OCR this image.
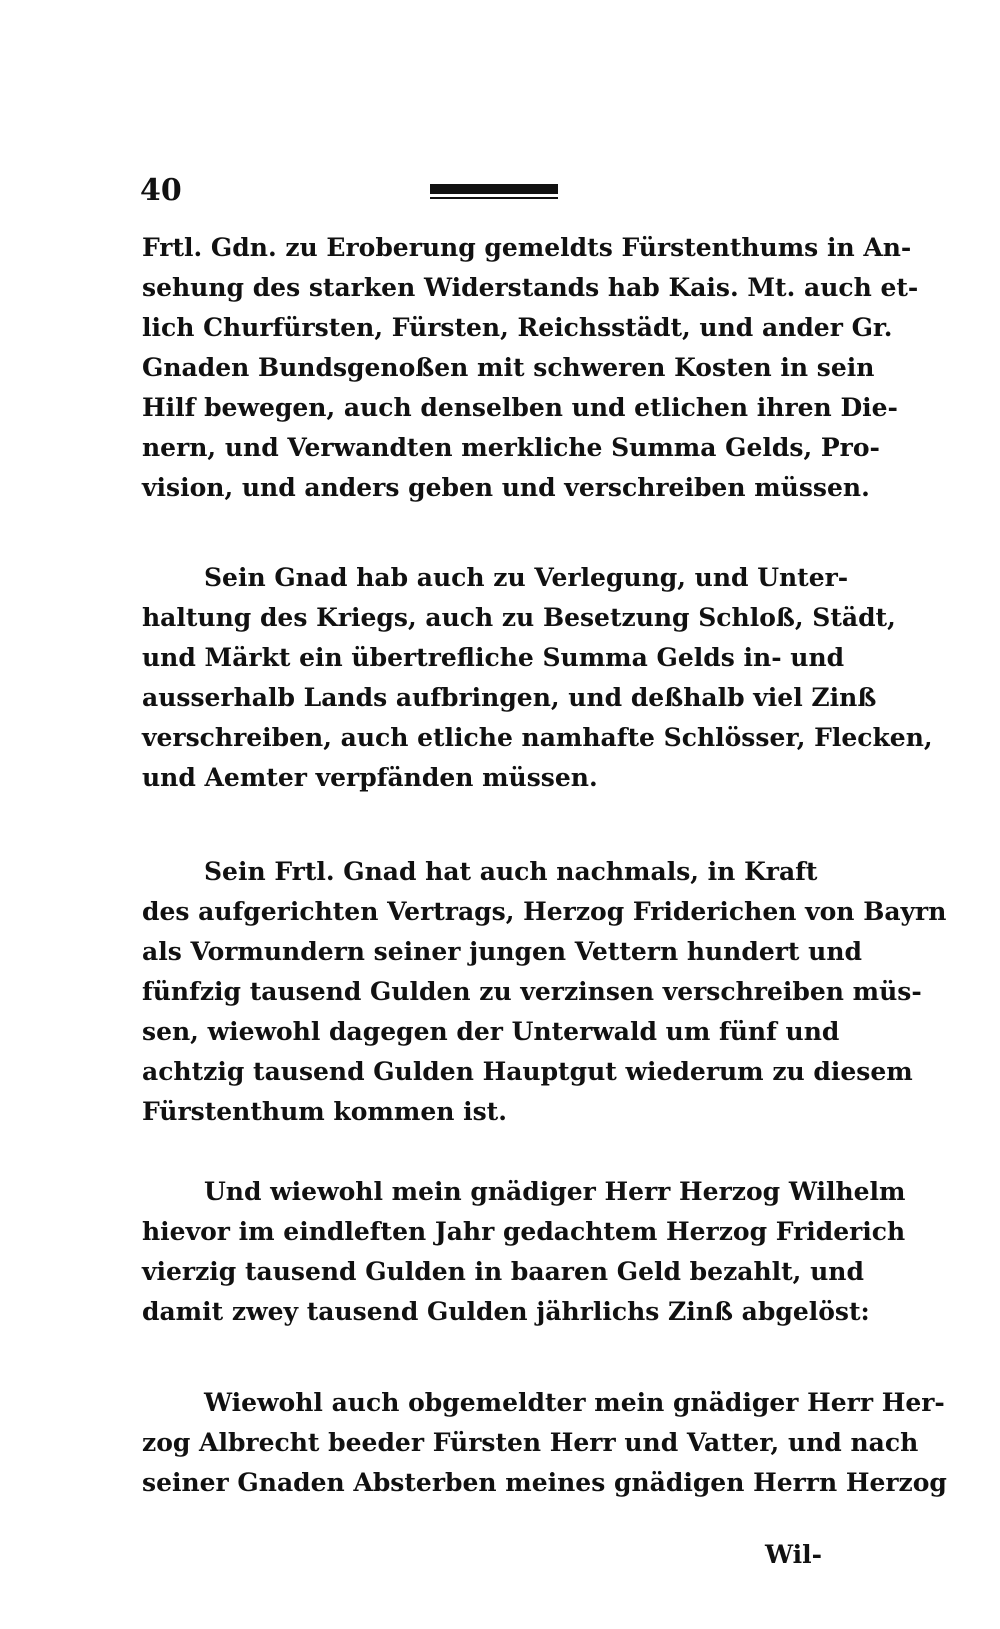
40
Frtl. Gdn. zu Eroberung gemeldts Fürstenthums in An-
sehung des starken Widerstands hab Kais. Mt. auch et-
lich Churfürsten, Fürsten, Reichsstädt, und ander Gr.
Gnaden Bundsgenoßen mit schweren Kosten in sein
Hilf bewegen, auch denselben und etlichen ihren Die-
nern, und Verwandten merkliche Summa Gelds, Pro-
vision, und anders geben und verschreiben müssen.
Sein Gnad hab auch zu Verlegung, und Unter-
haltung des Kriegs, auch zu Besetzung Schloß, Städt,
und Märkt ein übertrefliche Summa Gelds in- und
ausserhalb Lands aufbringen, und deßhalb viel Zinß
verschreiben, auch etliche namhafte Schlösser, Flecken,
und Aemter verpfänden müssen.
Sein Frtl. Gnad hat auch nachmals, in Kraft
des aufgerichten Vertrags, Herzog Friderichen von Bayrn
als Vormundern seiner jungen Vettern hundert und
fünfzig tausend Gulden zu verzinsen verschreiben müs-
sen, wiewohl dagegen der Unterwald um fünf und
achtzig tausend Gulden Hauptgut wiederum zu diesem
Fürstenthum kommen ist.
Und wiewohl mein gnädiger Herr Herzog Wilhelm
hievor im eindleften Jahr gedachtem Herzog Friderich
vierzig tausend Gulden in baaren Geld bezahlt, und
damit zwey tausend Gulden jährlichs Zinß abgelöst:
Wiewohl auch obgemeldter mein gnädiger Herr Her-
zog Albrecht beeder Fürsten Herr und Vatter, und nach
seiner Gnaden Absterben meines gnädigen Herrn Herzog
Wil-
